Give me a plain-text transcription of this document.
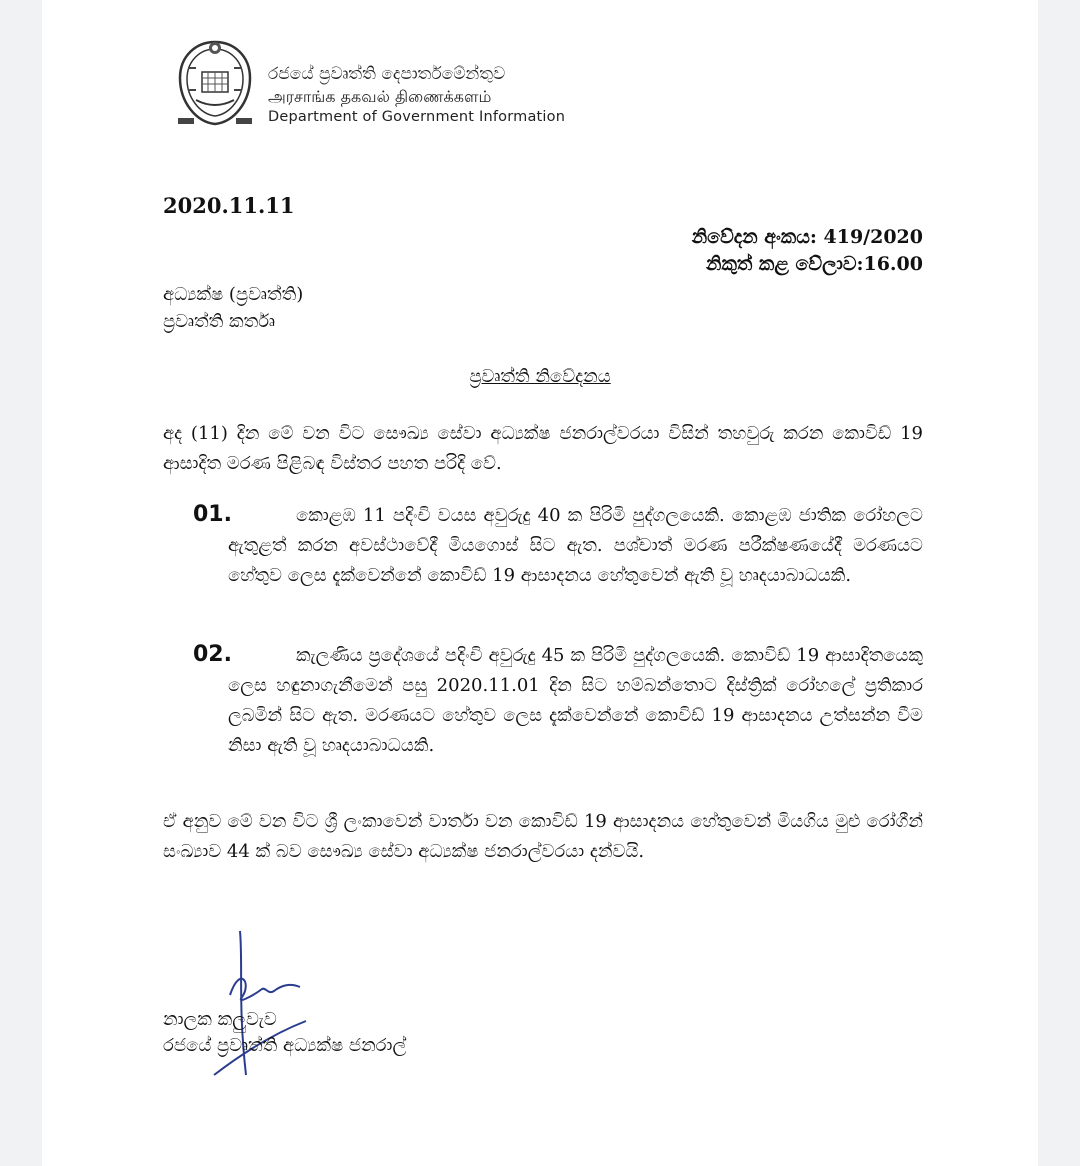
රජයේ ප්‍රවෘත්ති දෙපාර්තමේන්තුව
அரசாங்க தகவல் திணைக்களம்
Department of Government Information
2020.11.11
නිවේදන අංකය: 419/2020
නිකුත් කළ වේලාව:16.00
අධ්‍යක්ෂ (ප්‍රවෘත්ති)
ප්‍රවෘත්ති කර්තෘ
ප්‍රවෘත්ති නිවේදනය
අද (11) දින මේ වන විට සෞඛ්‍ය සේවා අධ්‍යක්ෂ ජනරාල්වරයා විසින් තහවුරු කරන කොවිඩ් 19 ආසාදිත මරණ පිළිබඳ විස්තර පහත පරිදි වේ.
01.	කොළඹ 11 පදිංචි වයස අවුරුදු 40 ක පිරිමි පුද්ගලයෙකි. කොළඹ ජාතික රෝහලට ඇතුළත් කරන අවස්ථාවේදී මියගොස් සිට ඇත. පශ්චාත් මරණ පරීක්ෂණයේදී මරණයට හේතුව ලෙස දැක්වෙන්නේ කොවිඩ් 19 ආසාදනය හේතුවෙන් ඇති වූ හෘදයාබාධයකි.
02.	කැලණිය ප්‍රදේශයේ පදිංචි අවුරුදු 45 ක පිරිමි පුද්ගලයෙකි. කොවිඩ් 19 ආසාදිතයෙකු ලෙස හඳුනාගැනීමෙන් පසු 2020.11.01 දින සිට හම්බන්තොට දිස්ත්‍රික් රෝහලේ ප්‍රතිකාර ලබමින් සිට ඇත. මරණයට හේතුව ලෙස දැක්වෙන්නේ කොවිඩ් 19 ආසාදනය උත්සන්න වීම නිසා ඇති වූ හෘදයාබාධයකි.
ඒ අනුව මේ වන විට ශ්‍රී ලංකාවෙන් වාර්තා වන කොවිඩ් 19 ආසාදනය හේතුවෙන් මියගිය මුළු රෝගීන් සංඛ්‍යාව 44 ක් බව සෞඛ්‍ය සේවා අධ්‍යක්ෂ ජනරාල්වරයා දන්වයි.
නාලක කලුවැව
රජයේ ප්‍රවෘත්ති අධ්‍යක්ෂ ජනරාල්
